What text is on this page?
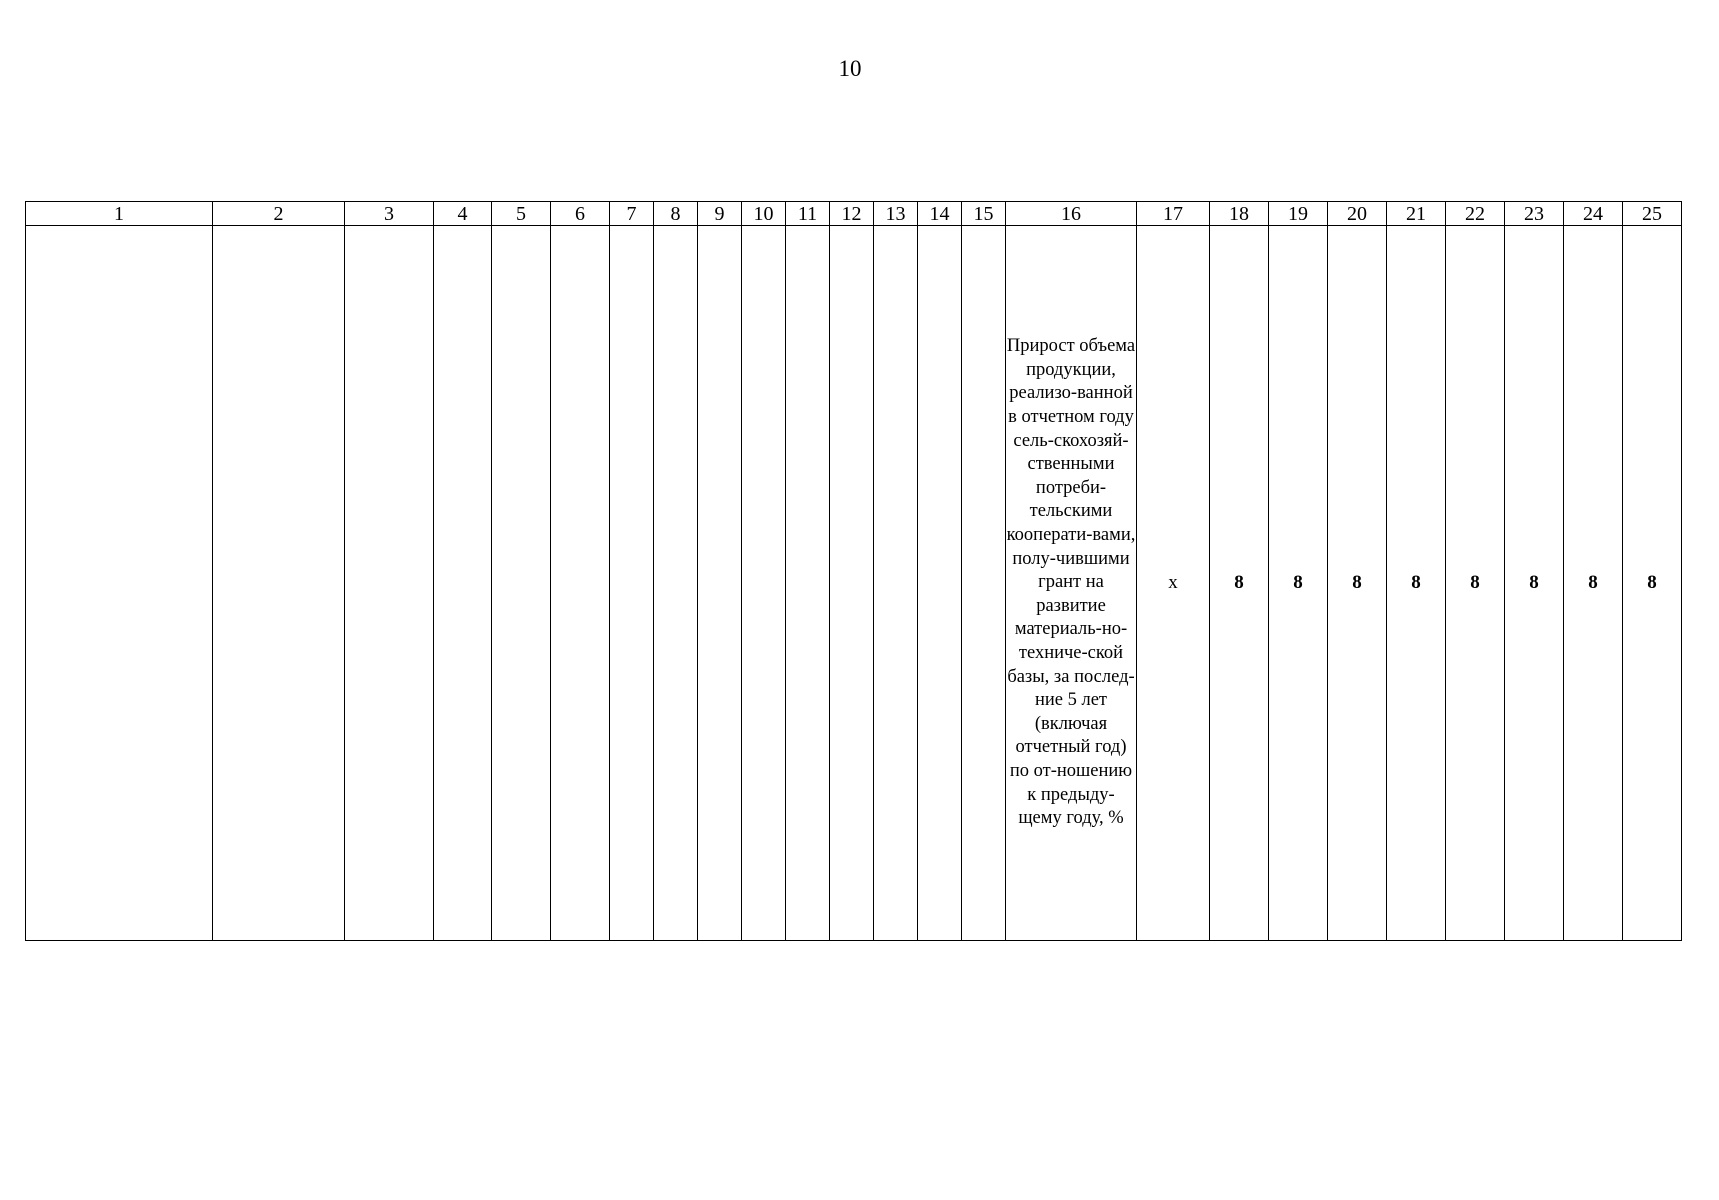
10
1	2	3	4	5	6	7	8	9	10	11	12	13	14	15	16	17	18	19	20	21	22	23	24	25
															Прирост объема продукции, реализо-ванной в отчетном году сель-скохозяй-ственными потреби-тельскими кооперати-вами, полу-чившими грант на развитие материаль-но-техниче-ской базы, за послед-ние 5 лет (включая отчетный год) по от-ношению к предыду-щему году, %	x	8	8	8	8	8	8	8	8
